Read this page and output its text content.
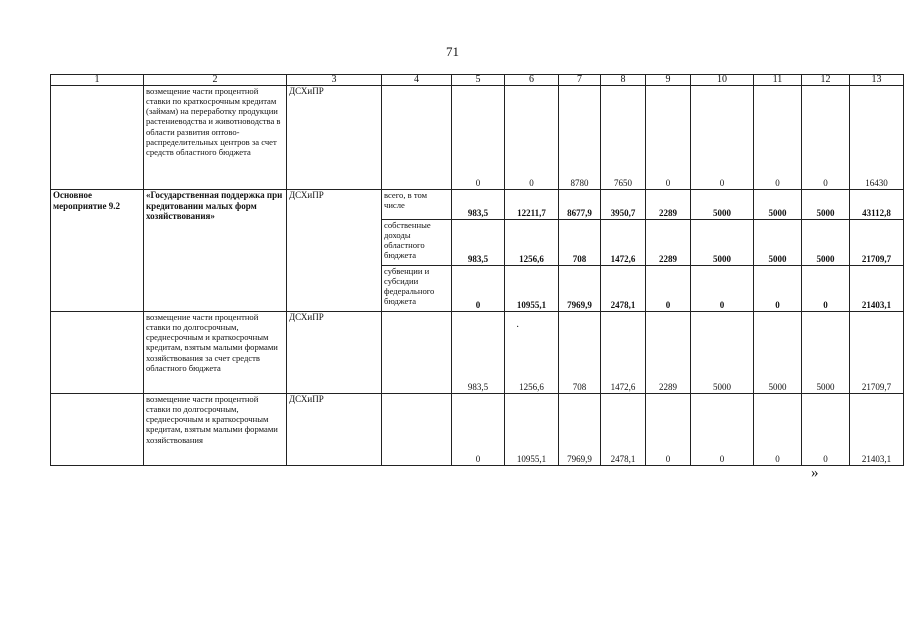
71
1	2	3	4	5	6	7	8	9	10	11	12	13
	возмещение части процентной ставки по краткосрочным кредитам (займам) на переработку продукции растениеводства и животноводства в области развития оптово-распределительных центров за счет средств областного бюджета	ДСХиПР		0	0	8780	7650	0	0	0	0	16430
Основное мероприятие 9.2	«Государственная поддержка при кредитовании малых форм хозяйствования»	ДСХиПР	всего, в том числе	983,5	12211,7	8677,9	3950,7	2289	5000	5000	5000	43112,8
			собственные доходы областного бюджета	983,5	1256,6	708	1472,6	2289	5000	5000	5000	21709,7
			субвенции и субсидии федерального бюджета	0	10955,1	7969,9	2478,1	0	0	0	0	21403,1
	возмещение части процентной ставки по долгосрочным, среднесрочным и краткосрочным кредитам, взятым малыми формами хозяйствования за счет средств областного бюджета	ДСХиПР		983,5	1256,6	708	1472,6	2289	5000	5000	5000	21709,7
	возмещение части процентной ставки по долгосрочным, среднесрочным и краткосрочным кредитам, взятым малыми формами хозяйствования	ДСХиПР		0	10955,1	7969,9	2478,1	0	0	0	0	21403,1
·
»
